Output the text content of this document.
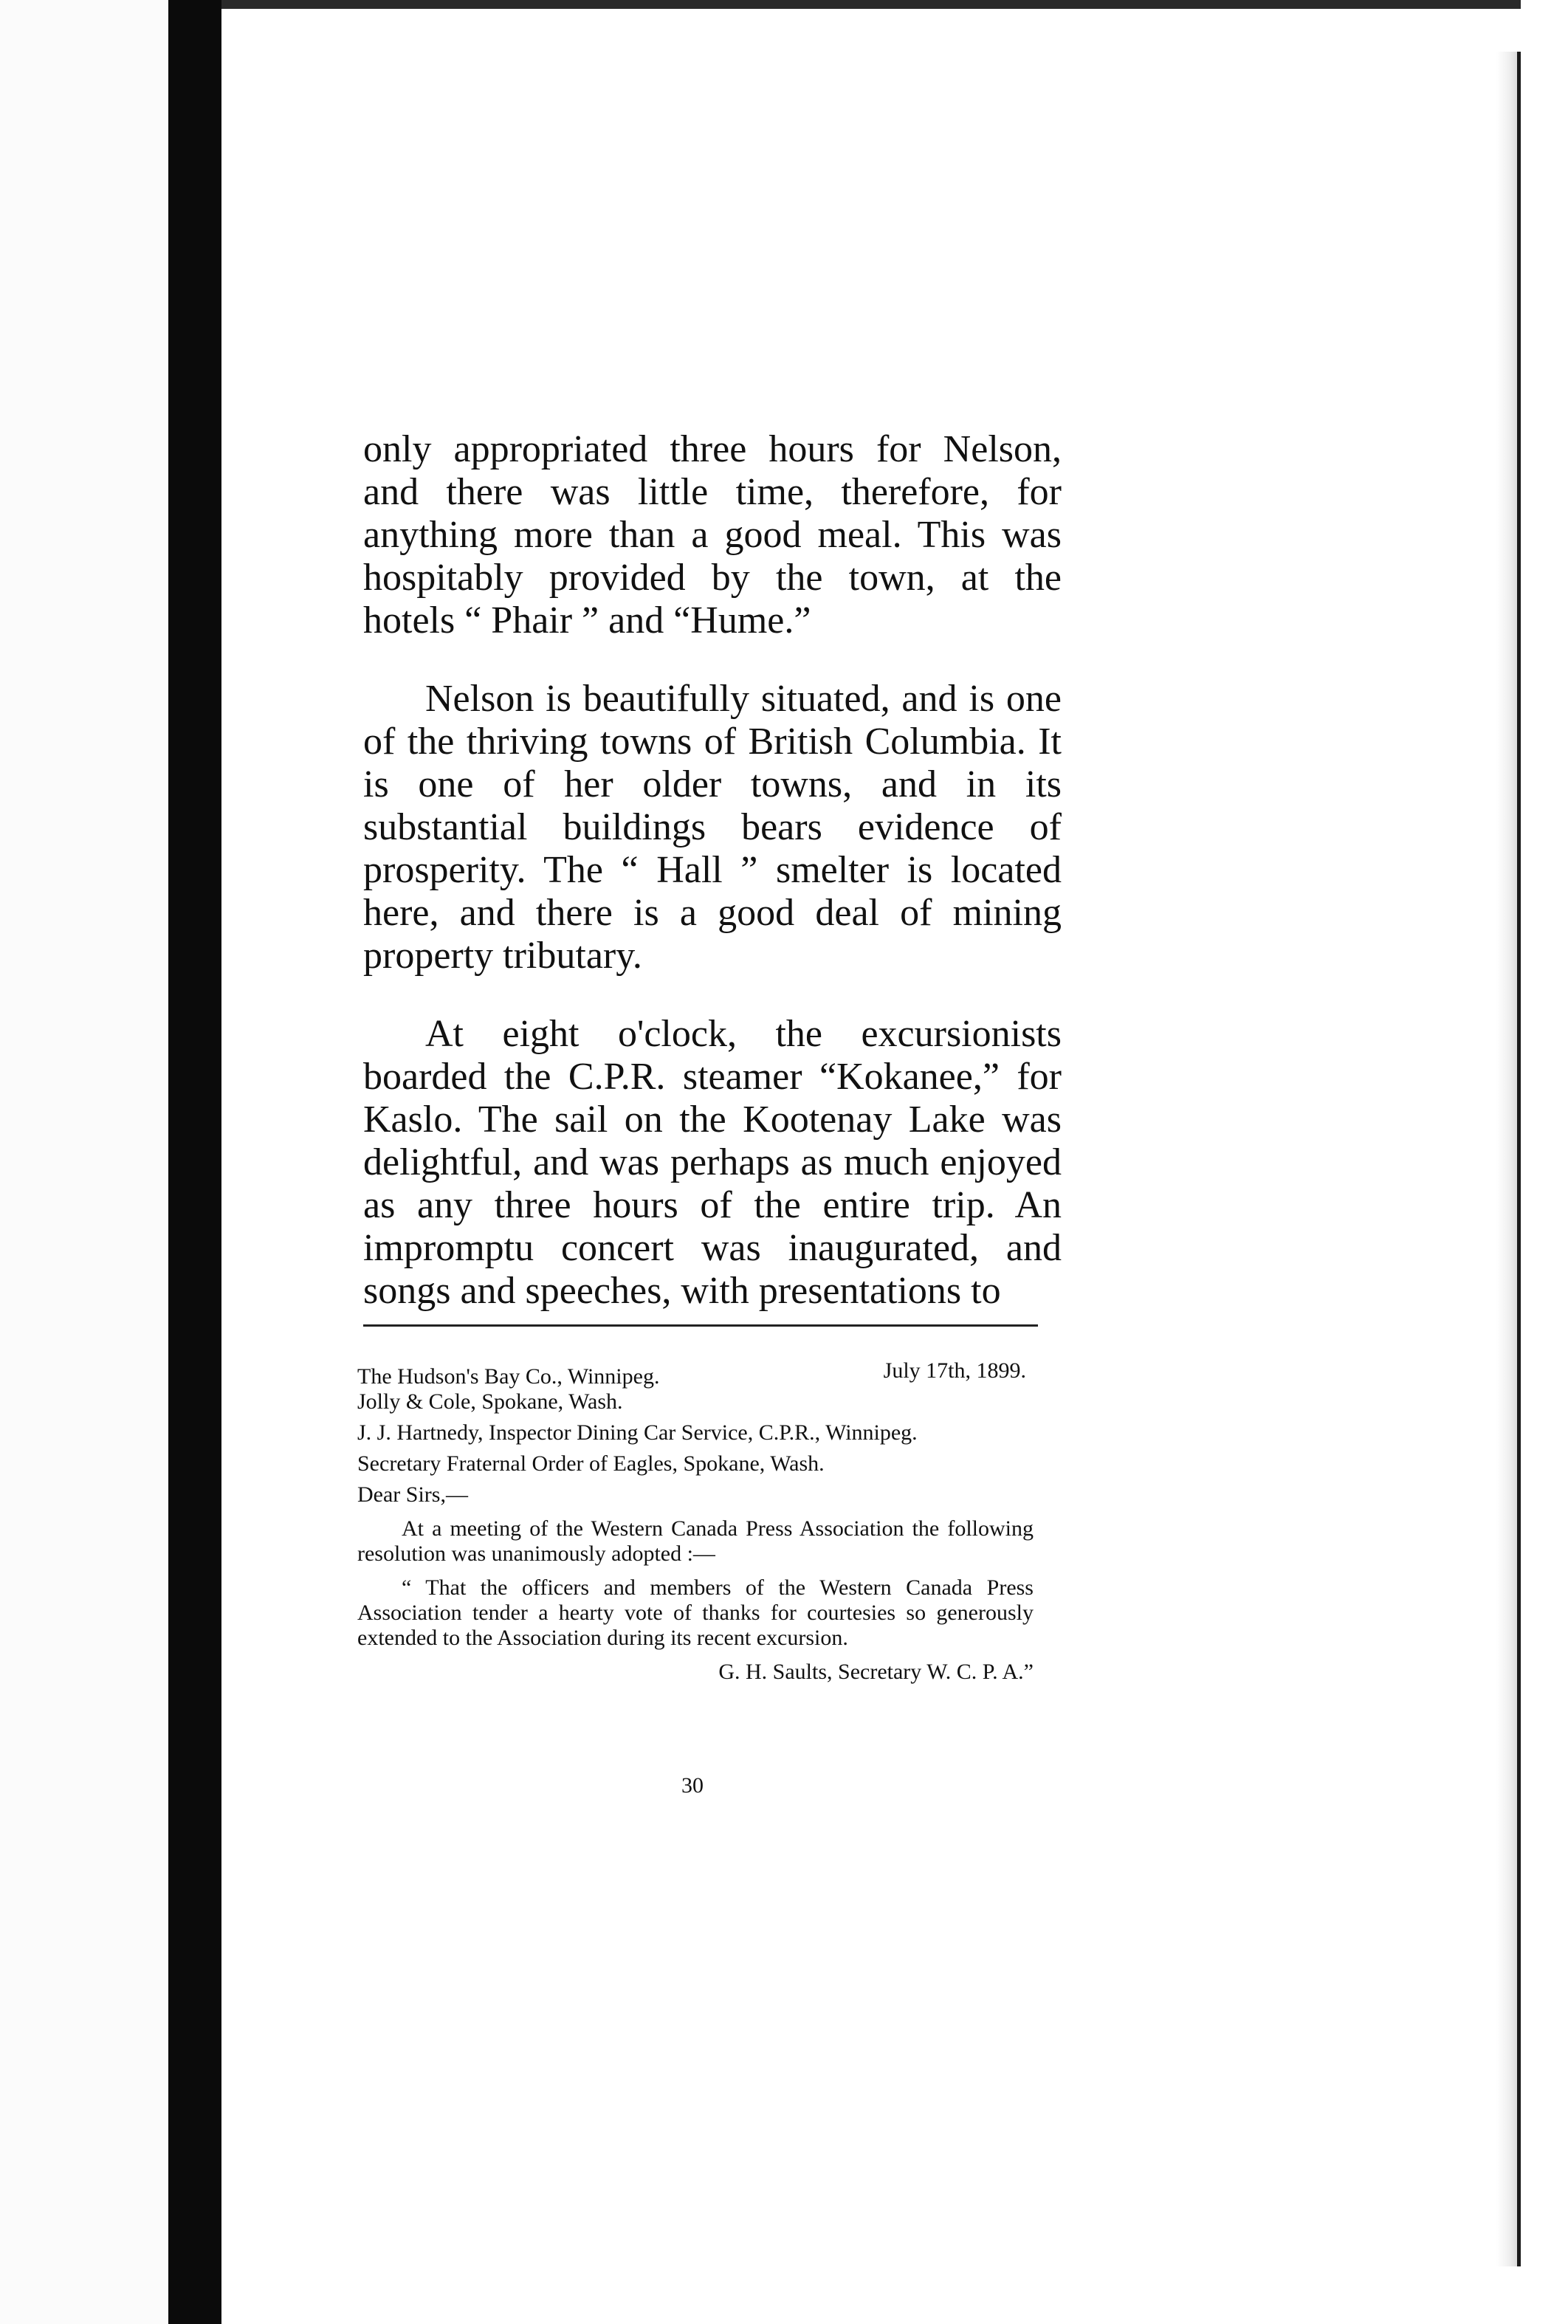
only appropriated three hours for Nelson, and there was little time, therefore, for anything more than a good meal. This was hospitably provided by the town, at the hotels “ Phair ” and “Hume.”

Nelson is beautifully situated, and is one of the thriving towns of British Columbia. It is one of her older towns, and in its substantial buildings bears evidence of prosperity. The “ Hall ” smelter is located here, and there is a good deal of mining property tributary.

At eight o'clock, the excursionists boarded the C.P.R. steamer “Kokanee,” for Kaslo. The sail on the Kootenay Lake was delightful, and was perhaps as much enjoyed as any three hours of the entire trip. An impromptu concert was inaugurated, and songs and speeches, with presentations to

The Hudson's Bay Co., Winnipeg.	July 17th, 1899.
Jolly & Cole, Spokane, Wash.
J. J. Hartnedy, Inspector Dining Car Service, C.P.R., Winnipeg.
Secretary Fraternal Order of Eagles, Spokane, Wash.
Dear Sirs,—
At a meeting of the Western Canada Press Association the following resolution was unanimously adopted :—
“ That the officers and members of the Western Canada Press Association tender a hearty vote of thanks for courtesies so generously extended to the Association during its recent excursion.
G. H. Saults, Secretary W. C. P. A.”
30
